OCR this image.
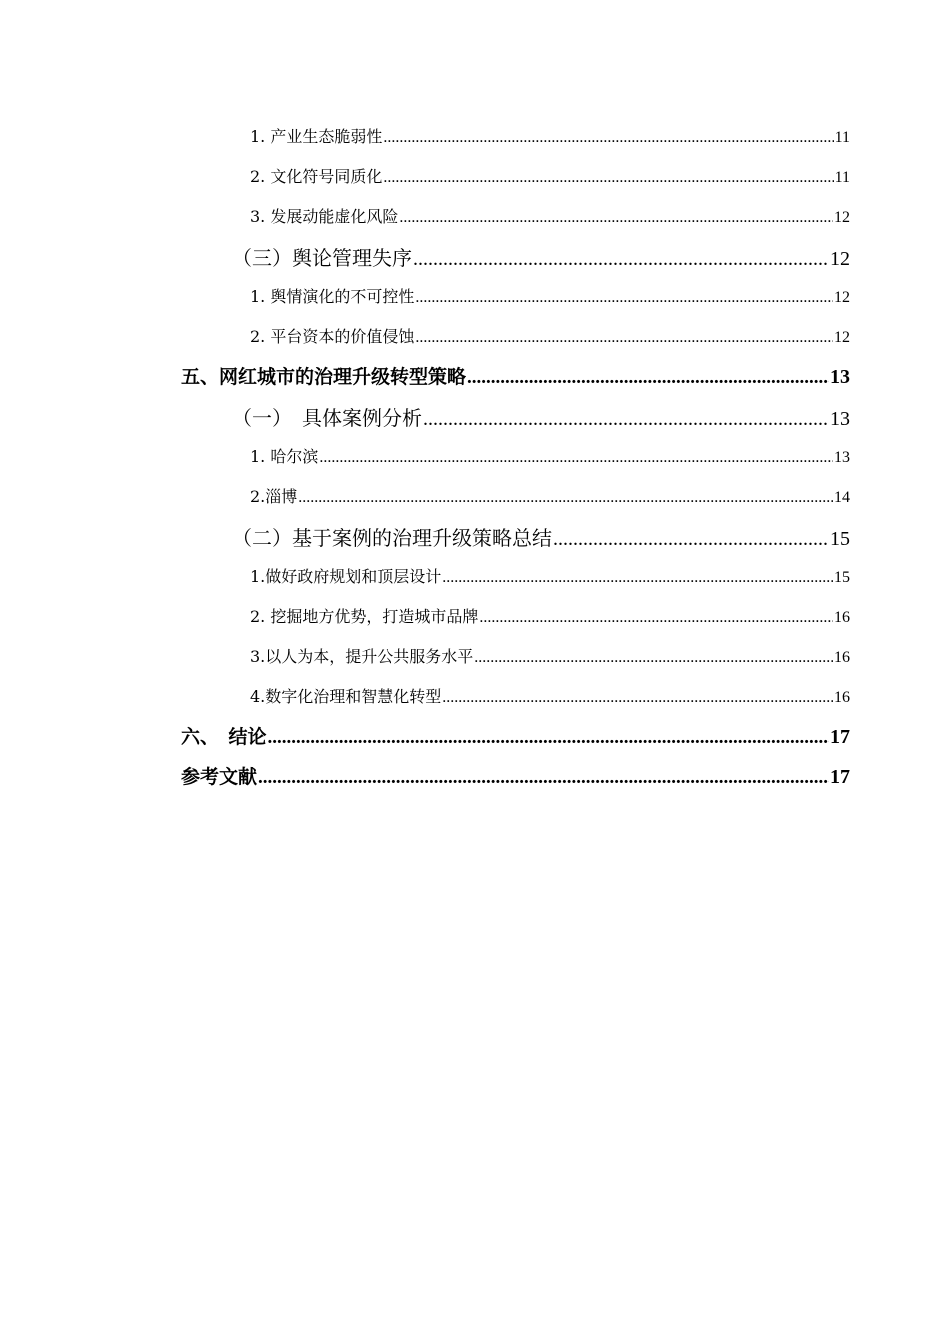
1. 产业生态脆弱性 .....	11
2. 文化符号同质化 .....	11
3. 发展动能虚化风险 .....	12
（三）舆论管理失序 .....	12
1. 舆情演化的不可控性 .....	12
2. 平台资本的价值侵蚀 .....	12
五、网红城市的治理升级转型策略 .....	13
（一）　具体案例分析 .....	13
1. 哈尔滨 .....	13
2.淄博 .....	14
（二）基于案例的治理升级策略总结 .....	15
1.做好政府规划和顶层设计 .....	15
2. 挖掘地方优势，打造城市品牌 .....	16
3.以人为本，提升公共服务水平 .....	16
4.数字化治理和智慧化转型 .....	16
六、　结论 .....	17
参考文献 .....	17
